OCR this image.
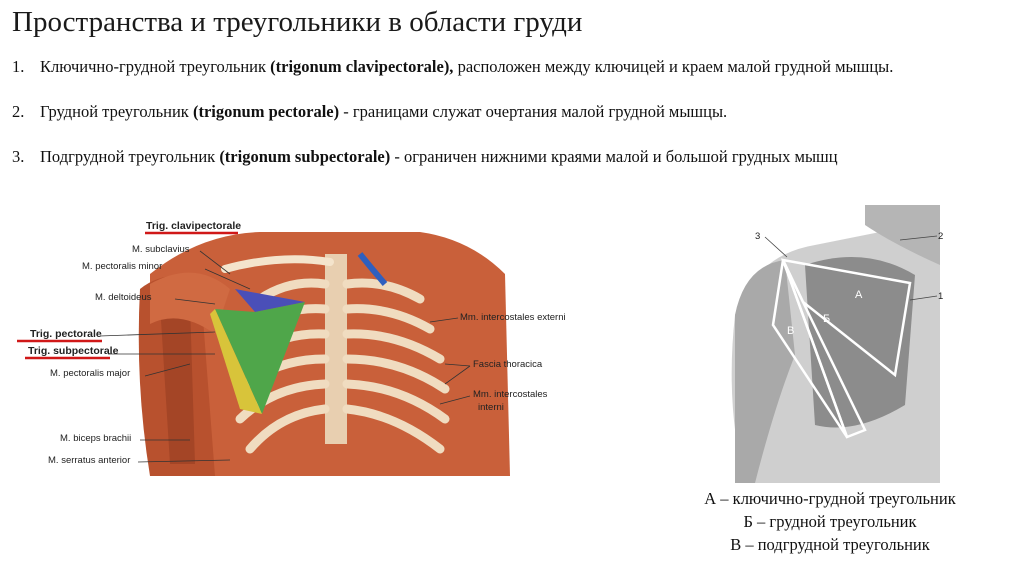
Пространства и треугольники в области груди
1. Ключично-грудной треугольник (trigonum clavipectorale), расположен между ключицей и краем малой грудной мышцы.
2. Грудной треугольник (trigonum pectorale) - границами служат очертания малой грудной мышцы.
3. Подгрудной треугольник (trigonum subpectorale) - ограничен нижними краями малой и большой грудных мышц
Trig. clavipectorale
M. subclavius
M. pectoralis minor
M. deltoideus
Trig. pectorale
Trig. subpectorale
M. pectoralis major
M. biceps brachii
M. serratus anterior
Mm. intercostales externi
Fascia thoracica
Mm. intercostales
interni
3	2
1
А
Б
В
А – ключично-грудной треугольник
Б – грудной треугольник
В – подгрудной треугольник
